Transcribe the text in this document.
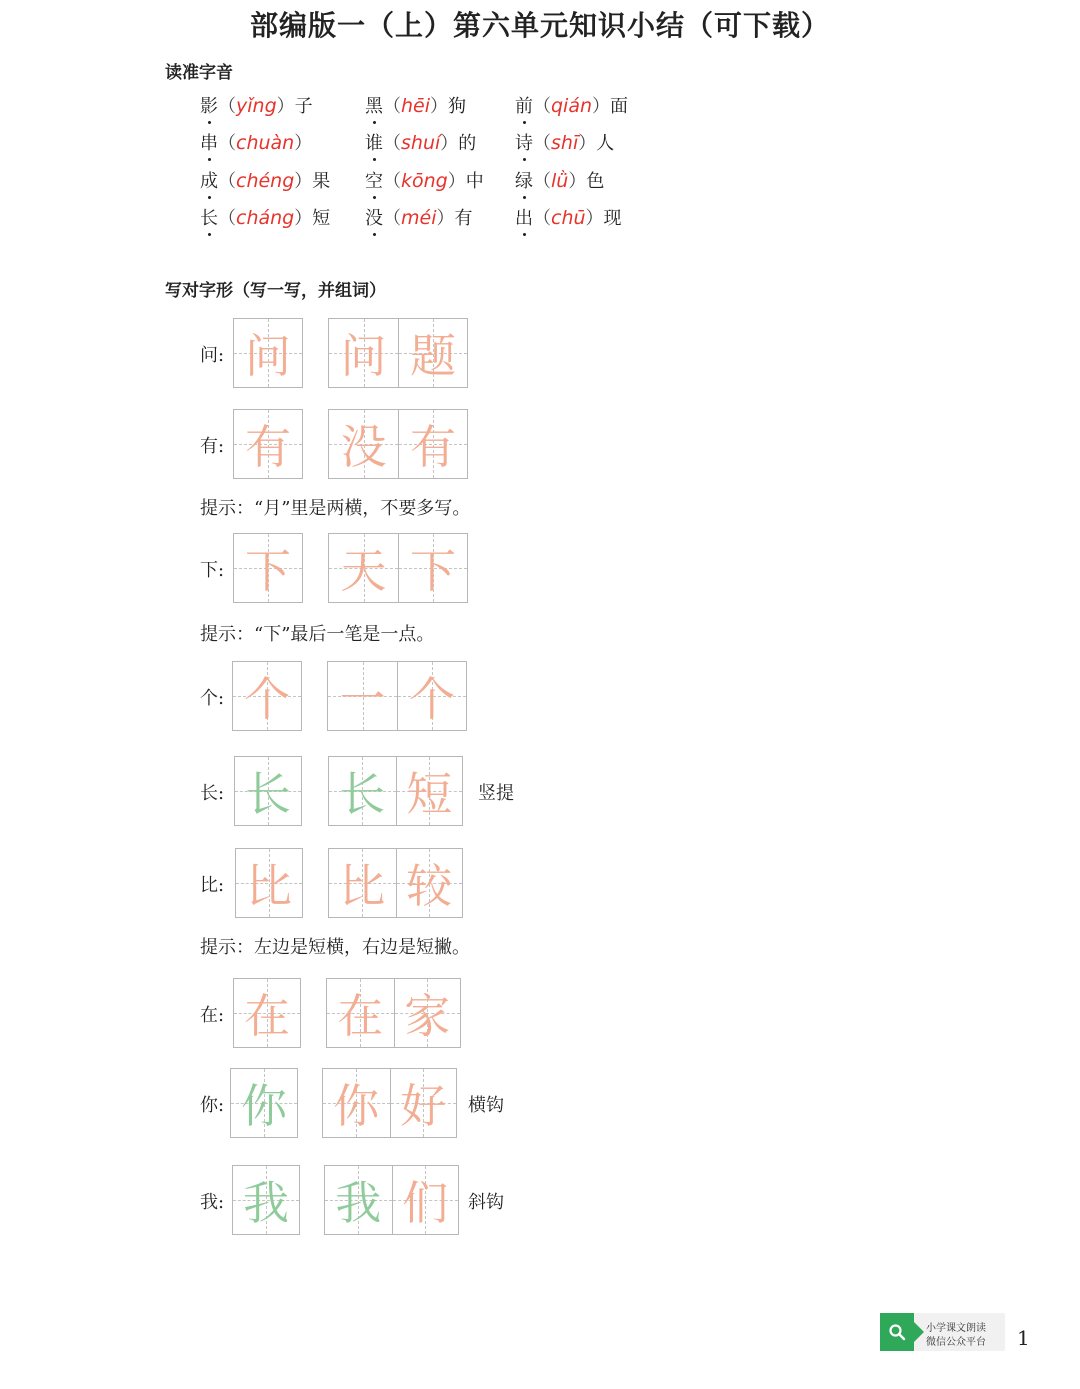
部编版一（上）第六单元知识小结（可下载）
读准字音
影（yǐng）子	黑（hēi）狗	前（qián）面
串（chuàn）	谁（shuí）的 诗（shī）人
成（chéng）果 空（kōng）中 绿（lǜ）色
长（cháng）短 没（méi）有 出（chū）现
写对字形（写一写，并组词）
问: 问 问 题
有: 有 没 有
下: 下 天 下
个: 个 一 个
长: 长 长 短	竖提
比: 比 比 较
在: 在 在 家
你: 你 你 好	横钩
我: 我 我 们	斜钩
提示：“月”里是两横，不要多写。
提示：“下”最后一笔是一点。
提示：左边是短横，右边是短撇。
小学课文朗读
微信公众平台 1
